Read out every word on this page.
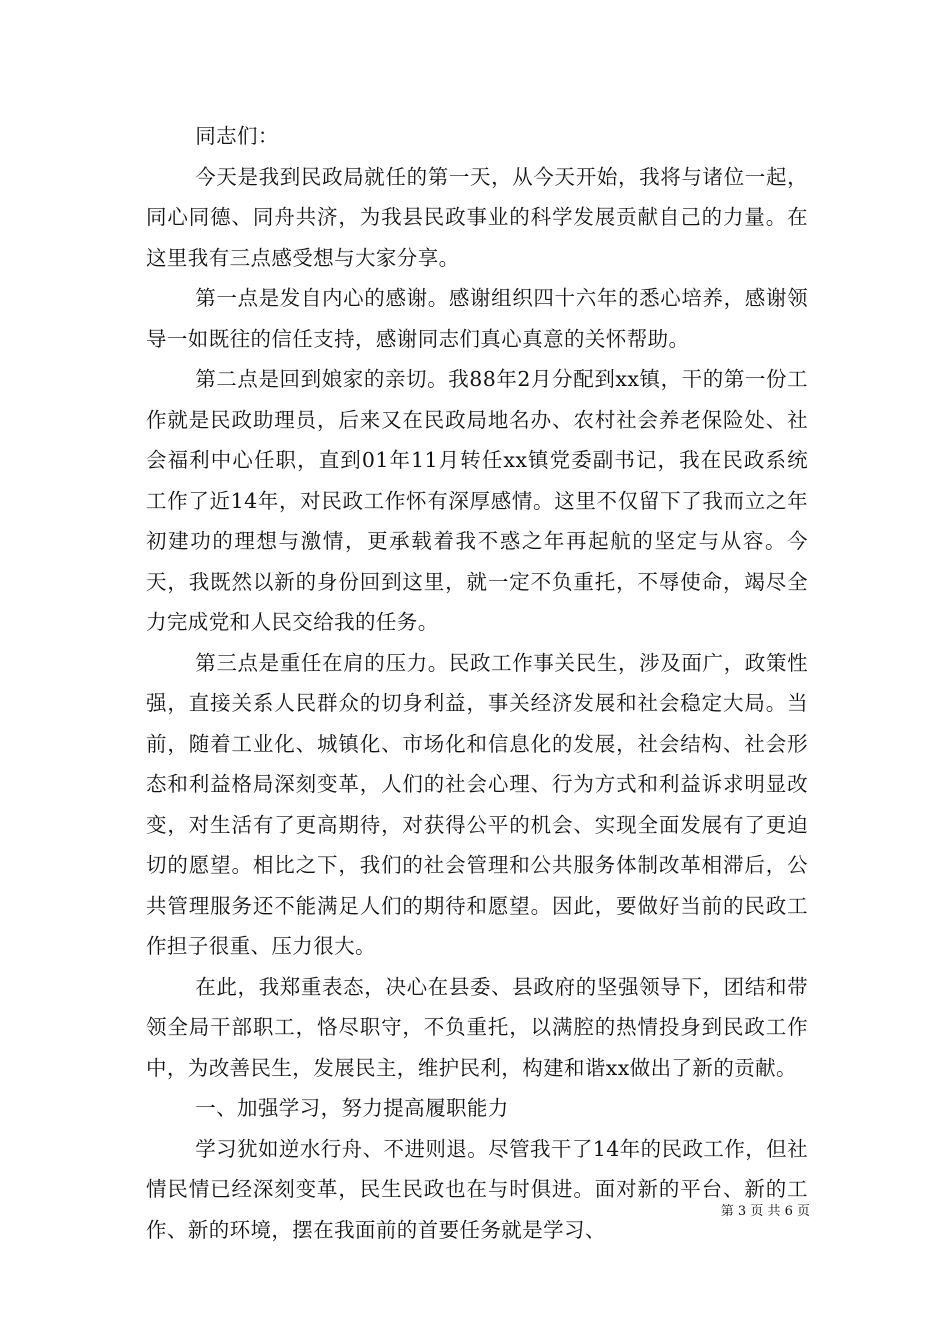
同志们：

今天是我到民政局就任的第一天，从今天开始，我将与诸位一起，同心同德、同舟共济，为我县民政事业的科学发展贡献自己的力量。在这里我有三点感受想与大家分享。

第一点是发自内心的感谢。感谢组织四十六年的悉心培养，感谢领导一如既往的信任支持，感谢同志们真心真意的关怀帮助。

第二点是回到娘家的亲切。我88年2月分配到xx镇，干的第一份工作就是民政助理员，后来又在民政局地名办、农村社会养老保险处、社会福利中心任职，直到01年11月转任xx镇党委副书记，我在民政系统工作了近14年，对民政工作怀有深厚感情。这里不仅留下了我而立之年初建功的理想与激情，更承载着我不惑之年再起航的坚定与从容。今天，我既然以新的身份回到这里，就一定不负重托，不辱使命，竭尽全力完成党和人民交给我的任务。

第三点是重任在肩的压力。民政工作事关民生，涉及面广，政策性强，直接关系人民群众的切身利益，事关经济发展和社会稳定大局。当前，随着工业化、城镇化、市场化和信息化的发展，社会结构、社会形态和利益格局深刻变革，人们的社会心理、行为方式和利益诉求明显改变，对生活有了更高期待，对获得公平的机会、实现全面发展有了更迫切的愿望。相比之下，我们的社会管理和公共服务体制改革相滞后，公共管理服务还不能满足人们的期待和愿望。因此，要做好当前的民政工作担子很重、压力很大。

在此，我郑重表态，决心在县委、县政府的坚强领导下，团结和带领全局干部职工，恪尽职守，不负重托，以满腔的热情投身到民政工作中，为改善民生，发展民主，维护民利，构建和谐xx做出了新的贡献。

一、加强学习，努力提高履职能力

学习犹如逆水行舟、不进则退。尽管我干了14年的民政工作，但社情民情已经深刻变革，民生民政也在与时俱进。面对新的平台、新的工作、新的环境，摆在我面前的首要任务就是学习、

第 3 页 共 6 页
